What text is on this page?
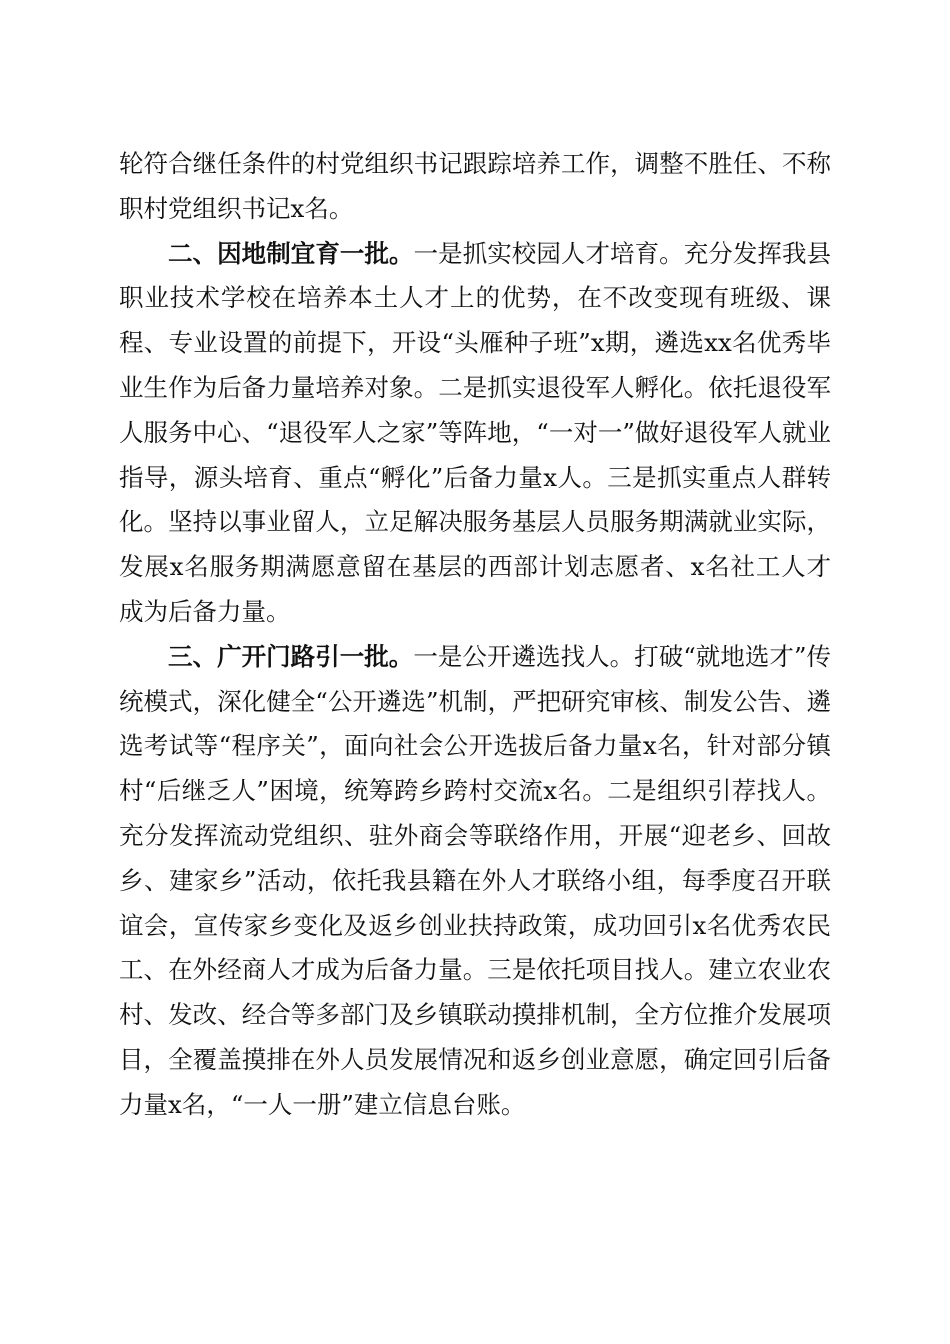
轮符合继任条件的村党组织书记跟踪培养工作，调整不胜任、不称职村党组织书记x名。

二、因地制宜育一批。一是抓实校园人才培育。充分发挥我县职业技术学校在培养本土人才上的优势，在不改变现有班级、课程、专业设置的前提下，开设“头雁种子班”x期，遴选xx名优秀毕业生作为后备力量培养对象。二是抓实退役军人孵化。依托退役军人服务中心、“退役军人之家”等阵地，“一对一”做好退役军人就业指导，源头培育、重点“孵化”后备力量x人。三是抓实重点人群转化。坚持以事业留人，立足解决服务基层人员服务期满就业实际，发展x名服务期满愿意留在基层的西部计划志愿者、x名社工人才成为后备力量。

三、广开门路引一批。一是公开遴选找人。打破“就地选才”传统模式，深化健全“公开遴选”机制，严把研究审核、制发公告、遴选考试等“程序关”，面向社会公开选拔后备力量x名，针对部分镇村“后继乏人”困境，统筹跨乡跨村交流x名。二是组织引荐找人。充分发挥流动党组织、驻外商会等联络作用，开展“迎老乡、回故乡、建家乡”活动，依托我县籍在外人才联络小组，每季度召开联谊会，宣传家乡变化及返乡创业扶持政策，成功回引x名优秀农民工、在外经商人才成为后备力量。三是依托项目找人。建立农业农村、发改、经合等多部门及乡镇联动摸排机制，全方位推介发展项目，全覆盖摸排在外人员发展情况和返乡创业意愿，确定回引后备力量x名，“一人一册”建立信息台账。
